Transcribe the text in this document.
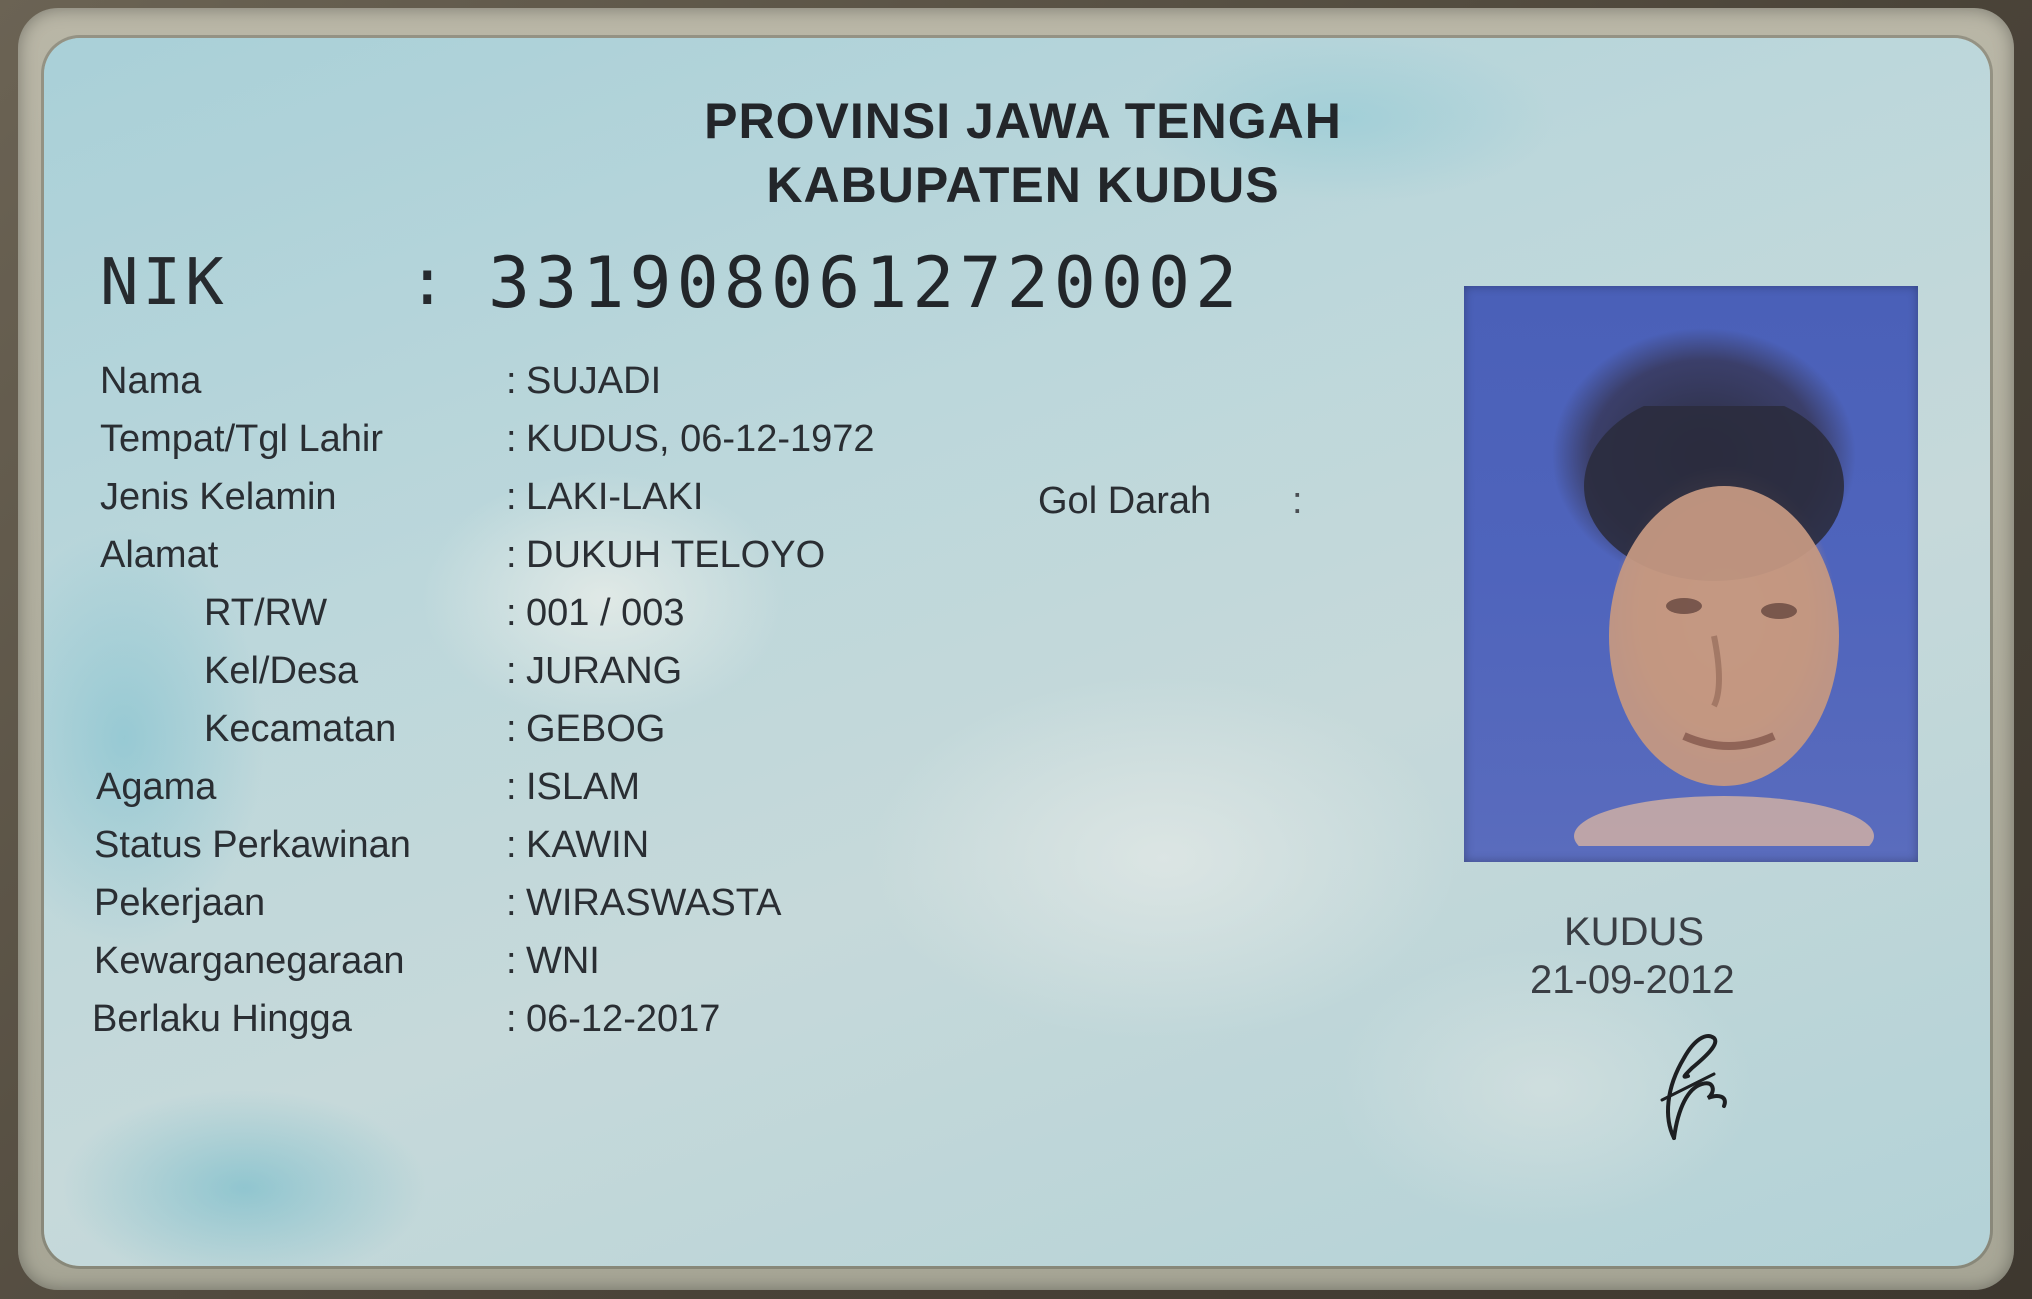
PROVINSI JAWA TENGAH
KABUPATEN KUDUS
NIK	: 3319080612720002
Nama	: SUJADI
Tempat/Tgl Lahir	: KUDUS, 06-12-1972
Jenis Kelamin	: LAKI-LAKI
Alamat	: DUKUH TELOYO
RT/RW	: 001 / 003
Kel/Desa	: JURANG
Kecamatan	: GEBOG
Agama	: ISLAM
Status Perkawinan	: KAWIN
Pekerjaan	: WIRASWASTA
Kewarganegaraan	: WNI
Berlaku Hingga	: 06-12-2017
Gol Darah :
KUDUS
21-09-2012
